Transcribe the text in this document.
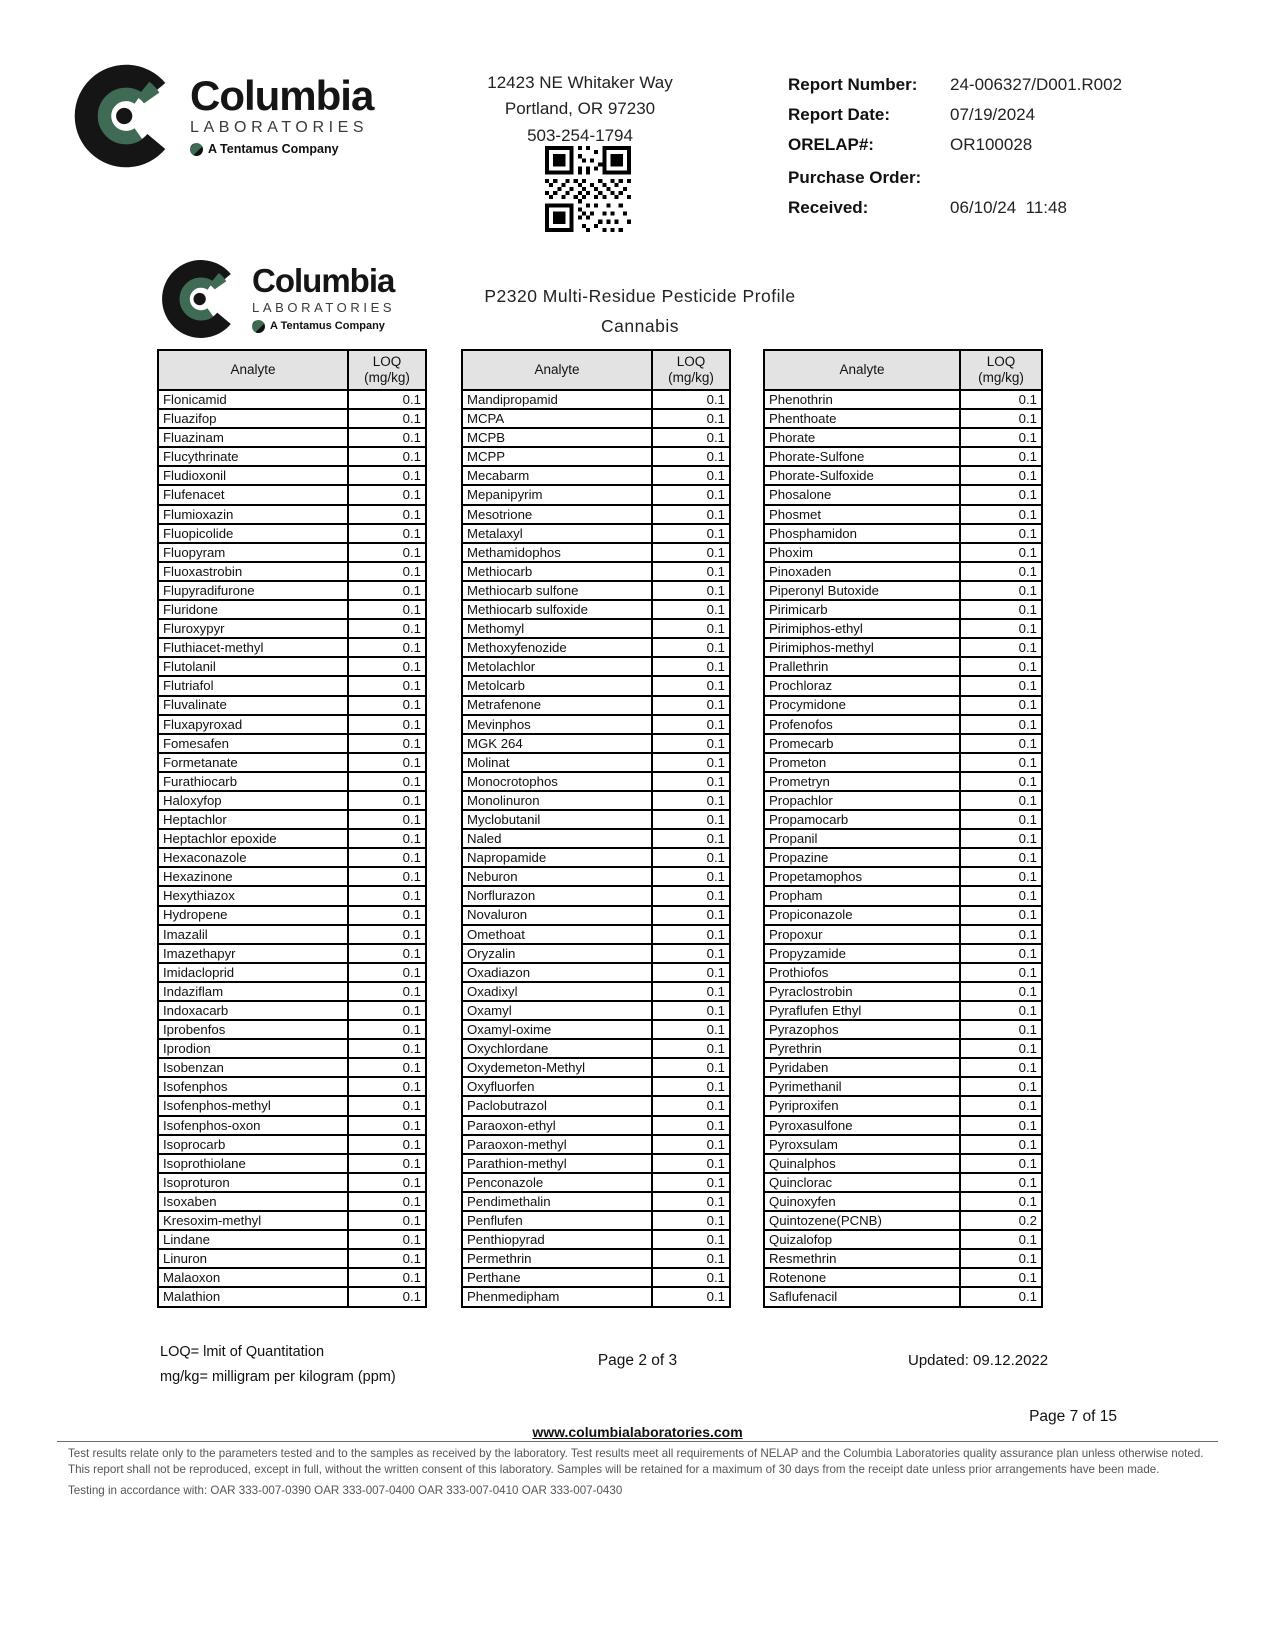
Columbia
LABORATORIES
A Tentamus Company
12423 NE Whitaker Way
Portland, OR 97230
503-254-1794
Report Number:	24-006327/D001.R002
Report Date:	07/19/2024
ORELAP#:	OR100028
Purchase Order:
Received:	06/10/24  11:48
Columbia
LABORATORIES
A Tentamus Company
P2320 Multi-Residue Pesticide Profile
Cannabis
Analyte	LOQ
(mg/kg)

Flonicamid	0.1
Fluazifop	0.1
Fluazinam	0.1
Flucythrinate	0.1
Fludioxonil	0.1
Flufenacet	0.1
Flumioxazin	0.1
Fluopicolide	0.1
Fluopyram	0.1
Fluoxastrobin	0.1
Flupyradifurone	0.1
Fluridone	0.1
Fluroxypyr	0.1
Fluthiacet-methyl	0.1
Flutolanil	0.1
Flutriafol	0.1
Fluvalinate	0.1
Fluxapyroxad	0.1
Fomesafen	0.1
Formetanate	0.1
Furathiocarb	0.1
Haloxyfop	0.1
Heptachlor	0.1
Heptachlor epoxide	0.1
Hexaconazole	0.1
Hexazinone	0.1
Hexythiazox	0.1
Hydropene	0.1
Imazalil	0.1
Imazethapyr	0.1
Imidacloprid	0.1
Indaziflam	0.1
Indoxacarb	0.1
Iprobenfos	0.1
Iprodion	0.1
Isobenzan	0.1
Isofenphos	0.1
Isofenphos-methyl	0.1
Isofenphos-oxon	0.1
Isoprocarb	0.1
Isoprothiolane	0.1
Isoproturon	0.1
Isoxaben	0.1
Kresoxim-methyl	0.1
Lindane	0.1
Linuron	0.1
Malaoxon	0.1
Malathion	0.1
Analyte	LOQ
(mg/kg)

Mandipropamid	0.1
MCPA	0.1
MCPB	0.1
MCPP	0.1
Mecabarm	0.1
Mepanipyrim	0.1
Mesotrione	0.1
Metalaxyl	0.1
Methamidophos	0.1
Methiocarb	0.1
Methiocarb sulfone	0.1
Methiocarb sulfoxide	0.1
Methomyl	0.1
Methoxyfenozide	0.1
Metolachlor	0.1
Metolcarb	0.1
Metrafenone	0.1
Mevinphos	0.1
MGK 264	0.1
Molinat	0.1
Monocrotophos	0.1
Monolinuron	0.1
Myclobutanil	0.1
Naled	0.1
Napropamide	0.1
Neburon	0.1
Norflurazon	0.1
Novaluron	0.1
Omethoat	0.1
Oryzalin	0.1
Oxadiazon	0.1
Oxadixyl	0.1
Oxamyl	0.1
Oxamyl-oxime	0.1
Oxychlordane	0.1
Oxydemeton-Methyl	0.1
Oxyfluorfen	0.1
Paclobutrazol	0.1
Paraoxon-ethyl	0.1
Paraoxon-methyl	0.1
Parathion-methyl	0.1
Penconazole	0.1
Pendimethalin	0.1
Penflufen	0.1
Penthiopyrad	0.1
Permethrin	0.1
Perthane	0.1
Phenmedipham	0.1
Analyte	LOQ
(mg/kg)

Phenothrin	0.1
Phenthoate	0.1
Phorate	0.1
Phorate-Sulfone	0.1
Phorate-Sulfoxide	0.1
Phosalone	0.1
Phosmet	0.1
Phosphamidon	0.1
Phoxim	0.1
Pinoxaden	0.1
Piperonyl Butoxide	0.1
Pirimicarb	0.1
Pirimiphos-ethyl	0.1
Pirimiphos-methyl	0.1
Prallethrin	0.1
Prochloraz	0.1
Procymidone	0.1
Profenofos	0.1
Promecarb	0.1
Prometon	0.1
Prometryn	0.1
Propachlor	0.1
Propamocarb	0.1
Propanil	0.1
Propazine	0.1
Propetamophos	0.1
Propham	0.1
Propiconazole	0.1
Propoxur	0.1
Propyzamide	0.1
Prothiofos	0.1
Pyraclostrobin	0.1
Pyraflufen Ethyl	0.1
Pyrazophos	0.1
Pyrethrin	0.1
Pyridaben	0.1
Pyrimethanil	0.1
Pyriproxifen	0.1
Pyroxasulfone	0.1
Pyroxsulam	0.1
Quinalphos	0.1
Quinclorac	0.1
Quinoxyfen	0.1
Quintozene(PCNB)	0.2
Quizalofop	0.1
Resmethrin	0.1
Rotenone	0.1
Saflufenacil	0.1
LOQ= lmit of Quantitation
mg/kg= milligram per kilogram (ppm)
Page 2 of 3	Updated: 09.12.2022
Page 7 of 15
www.columbialaboratories.com

Test results relate only to the parameters tested and to the samples as received by the laboratory. Test results meet all requirements of NELAP and the Columbia Laboratories quality assurance plan unless otherwise noted. This report shall not be reproduced, except in full, without the written consent of this laboratory. Samples will be retained for a maximum of 30 days from the receipt date unless prior arrangements have been made.

Testing in accordance with: OAR 333-007-0390 OAR 333-007-0400 OAR 333-007-0410 OAR 333-007-0430
